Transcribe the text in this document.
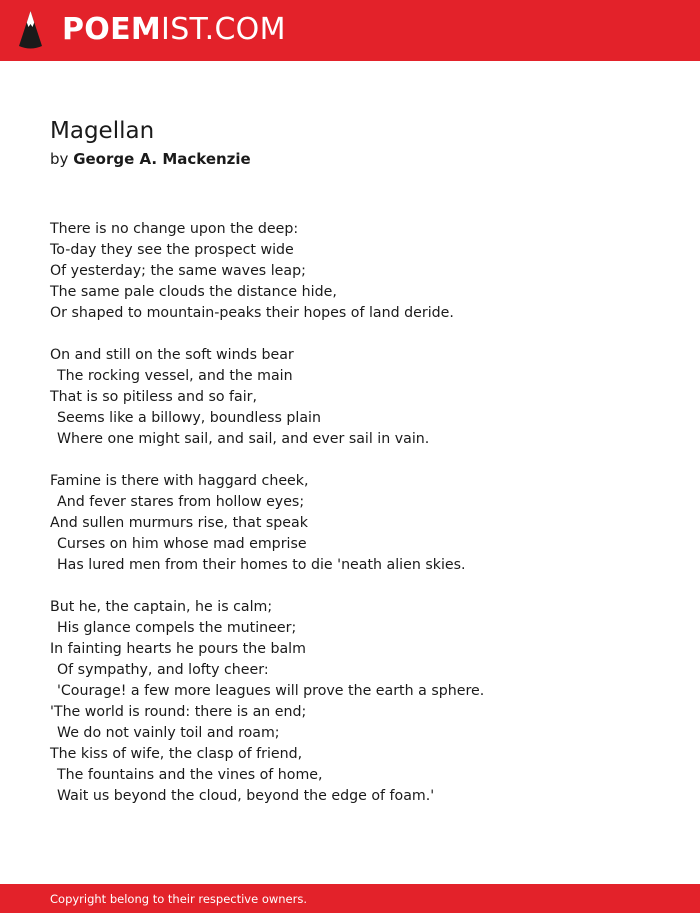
POEMIST.COM
Magellan
by George A. Mackenzie
There is no change upon the deep:
To-day they see the prospect wide
Of yesterday; the same waves leap;
The same pale clouds the distance hide,
Or shaped to mountain-peaks their hopes of land deride.
On and still on the soft winds bear
The rocking vessel, and the main
That is so pitiless and so fair,
Seems like a billowy, boundless plain
Where one might sail, and sail, and ever sail in vain.
Famine is there with haggard cheek,
And fever stares from hollow eyes;
And sullen murmurs rise, that speak
Curses on him whose mad emprise
Has lured men from their homes to die 'neath alien skies.
But he, the captain, he is calm;
His glance compels the mutineer;
In fainting hearts he pours the balm
Of sympathy, and lofty cheer:
'Courage! a few more leagues will prove the earth a sphere.
'The world is round: there is an end;
We do not vainly toil and roam;
The kiss of wife, the clasp of friend,
The fountains and the vines of home,
Wait us beyond the cloud, beyond the edge of foam.'
Copyright belong to their respective owners.
